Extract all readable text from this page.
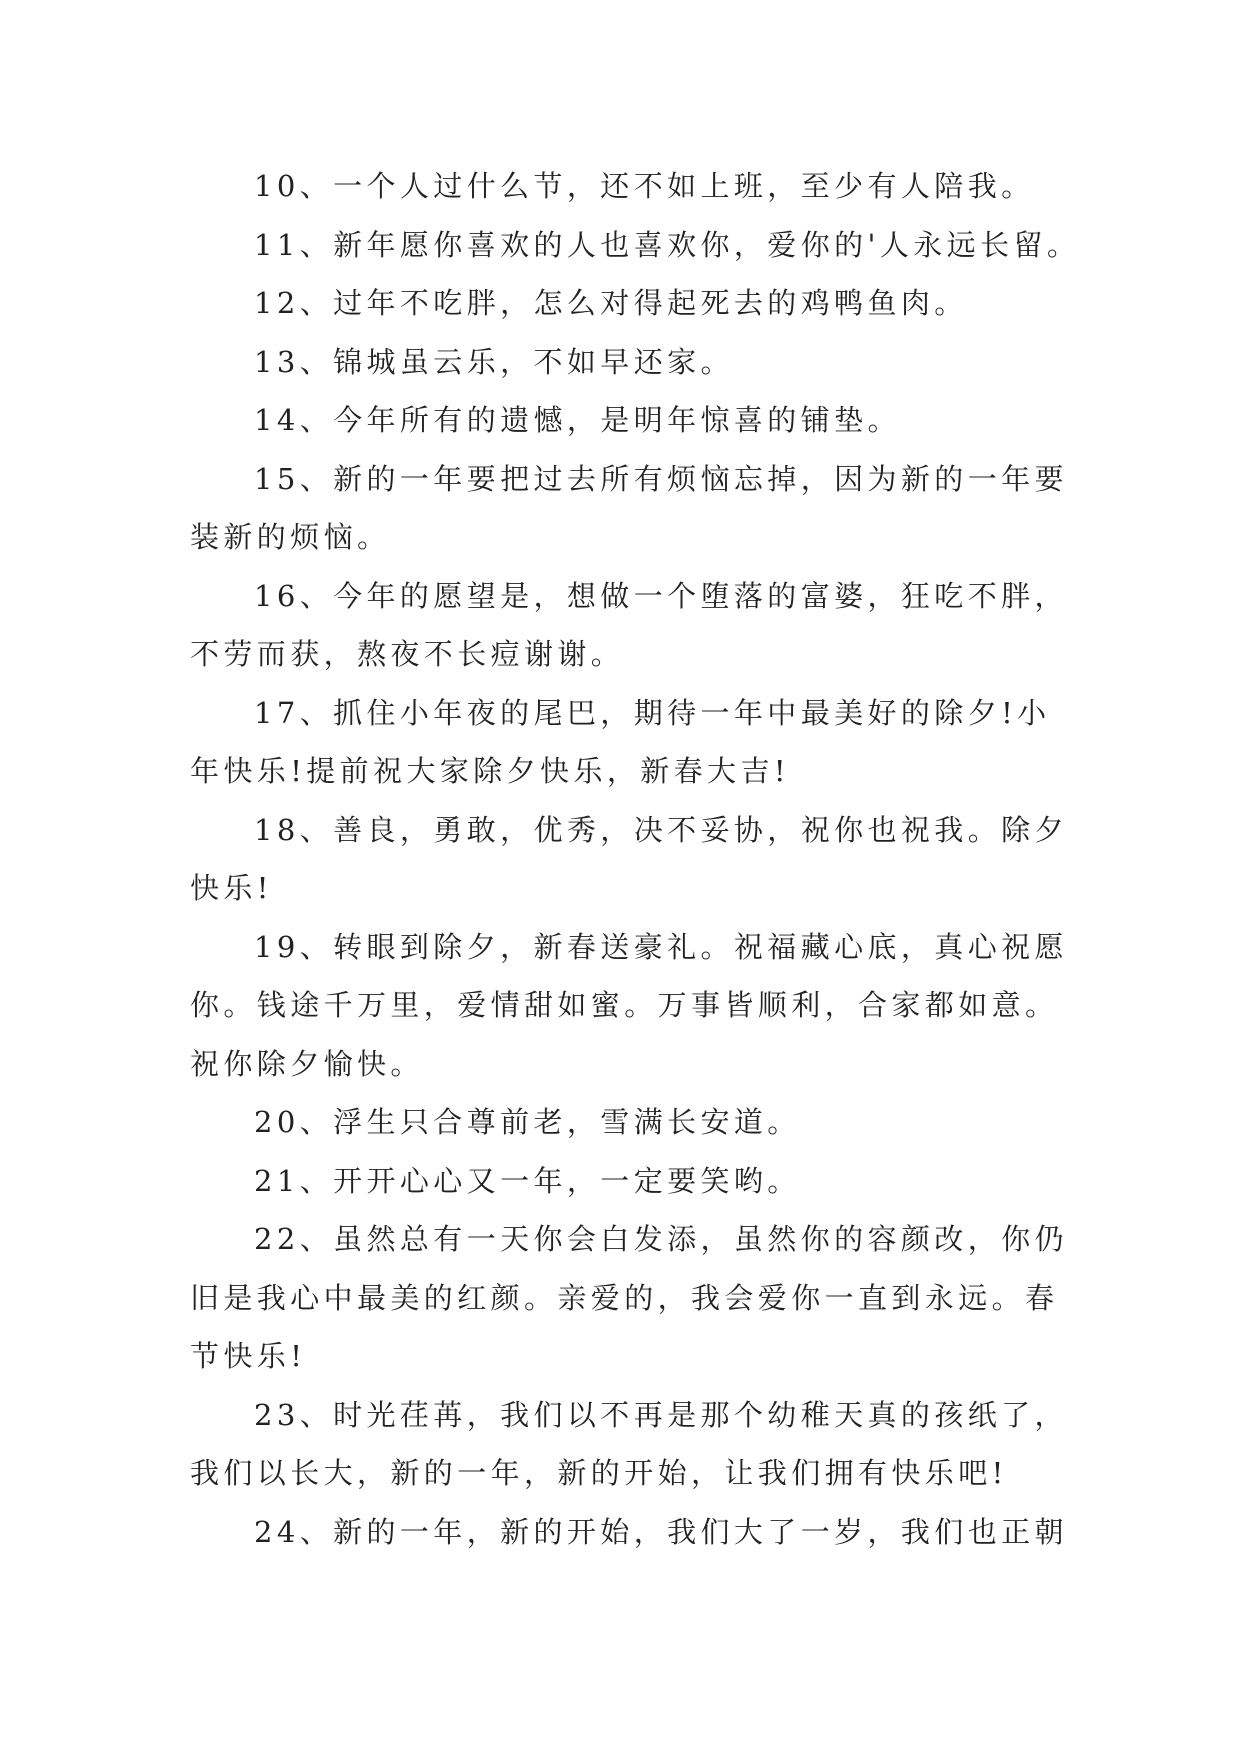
10、一个人过什么节，还不如上班，至少有人陪我。

11、新年愿你喜欢的人也喜欢你，爱你的'人永远长留。

12、过年不吃胖，怎么对得起死去的鸡鸭鱼肉。

13、锦城虽云乐，不如早还家。

14、今年所有的遗憾，是明年惊喜的铺垫。

15、新的一年要把过去所有烦恼忘掉，因为新的一年要装新的烦恼。

16、今年的愿望是，想做一个堕落的富婆，狂吃不胖，不劳而获，熬夜不长痘谢谢。

17、抓住小年夜的尾巴，期待一年中最美好的除夕!小年快乐!提前祝大家除夕快乐，新春大吉!

18、善良，勇敢，优秀，决不妥协，祝你也祝我。除夕快乐!

19、转眼到除夕，新春送豪礼。祝福藏心底，真心祝愿你。钱途千万里，爱情甜如蜜。万事皆顺利，合家都如意。祝你除夕愉快。

20、浮生只合尊前老，雪满长安道。

21、开开心心又一年，一定要笑哟。

22、虽然总有一天你会白发添，虽然你的容颜改，你仍旧是我心中最美的红颜。亲爱的，我会爱你一直到永远。春节快乐!

23、时光荏苒，我们以不再是那个幼稚天真的孩纸了，我们以长大，新的一年，新的开始，让我们拥有快乐吧!

24、新的一年，新的开始，我们大了一岁，我们也正朝
